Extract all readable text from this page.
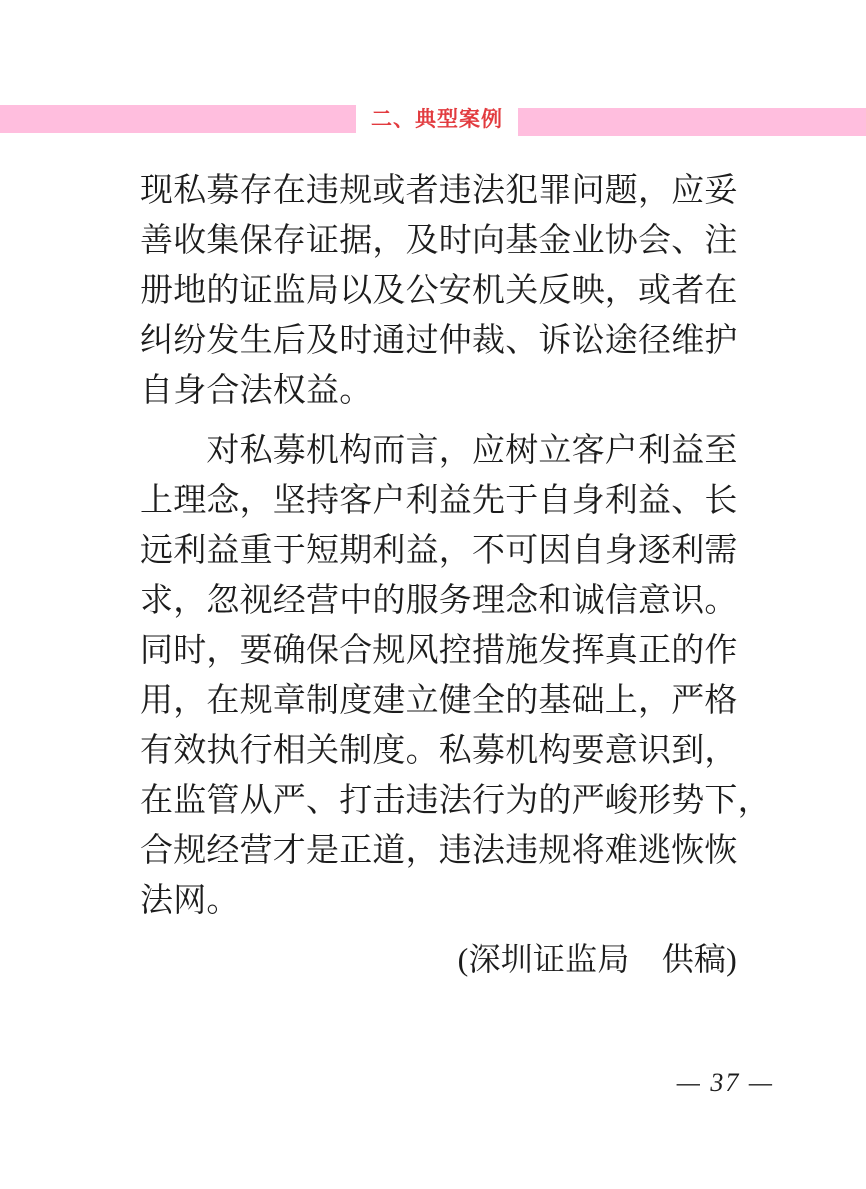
二、典型案例
现私募存在违规或者违法犯罪问题，应妥
善收集保存证据，及时向基金业协会、注
册地的证监局以及公安机关反映，或者在
纠纷发生后及时通过仲裁、诉讼途径维护
自身合法权益。
　　对私募机构而言，应树立客户利益至
上理念，坚持客户利益先于自身利益、长
远利益重于短期利益，不可因自身逐利需
求，忽视经营中的服务理念和诚信意识。
同时，要确保合规风控措施发挥真正的作
用，在规章制度建立健全的基础上，严格
有效执行相关制度。私募机构要意识到，
在监管从严、打击违法行为的严峻形势下，
合规经营才是正道，违法违规将难逃恢恢
法网。
(深圳证监局　供稿)
— 37 —
